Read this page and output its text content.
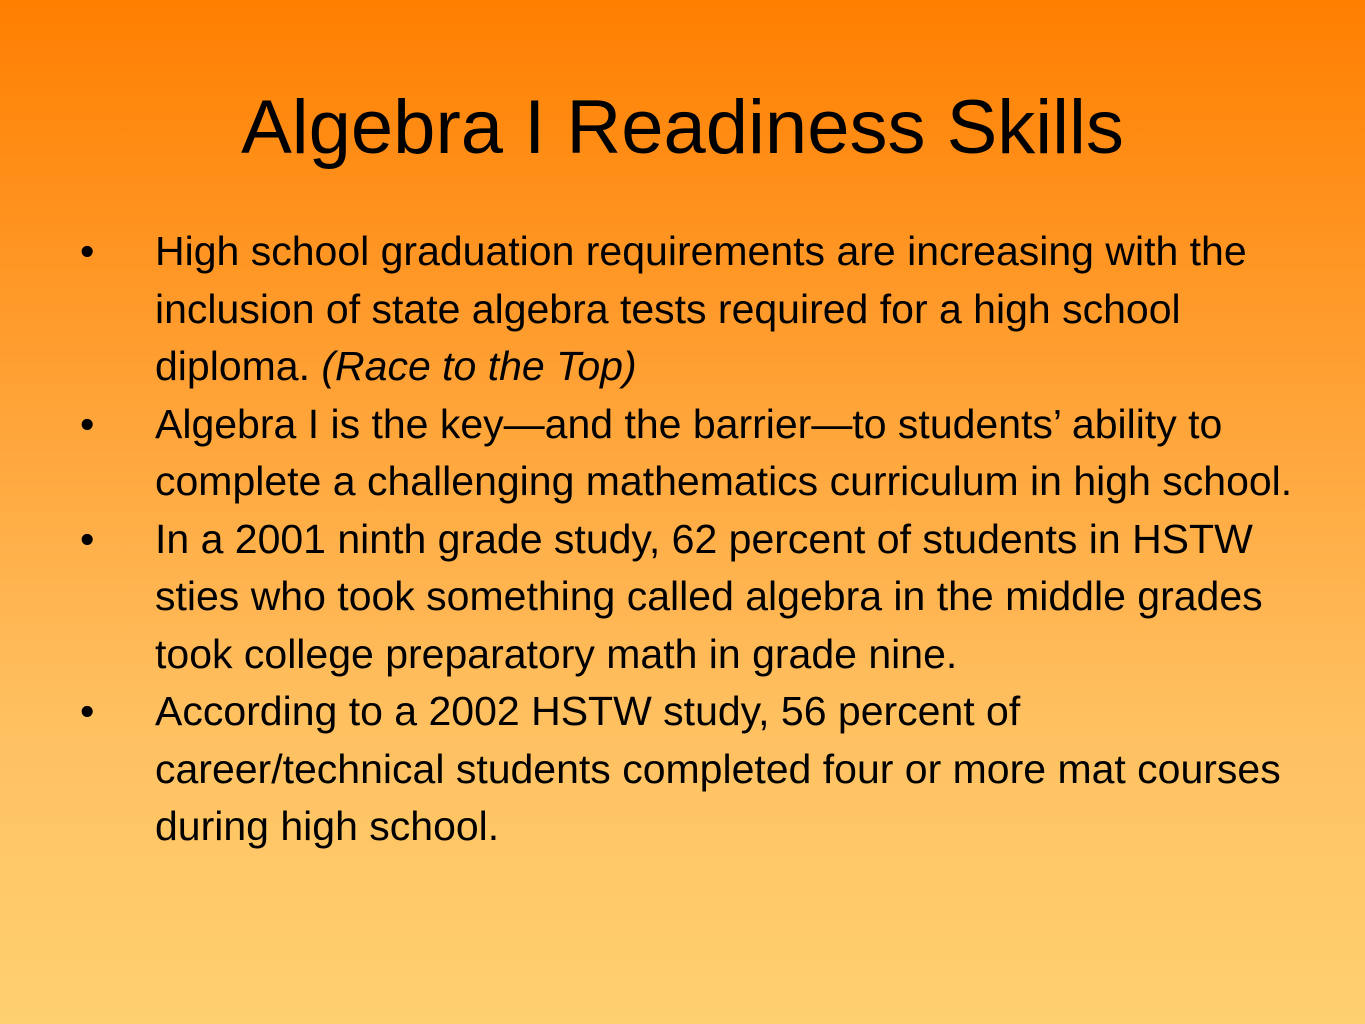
Algebra I Readiness Skills
•	High school graduation requirements are increasing with the inclusion of state algebra tests required for a high school diploma. (Race to the Top)
•	Algebra I is the key—and the barrier—to students’ ability to complete a challenging mathematics curriculum in high school.
•	In a 2001 ninth grade study, 62 percent of students in HSTW sties who took something called algebra in the middle grades took college preparatory math in grade nine.
•	According to a 2002 HSTW study, 56 percent of career/technical students completed four or more mat courses during high school.
